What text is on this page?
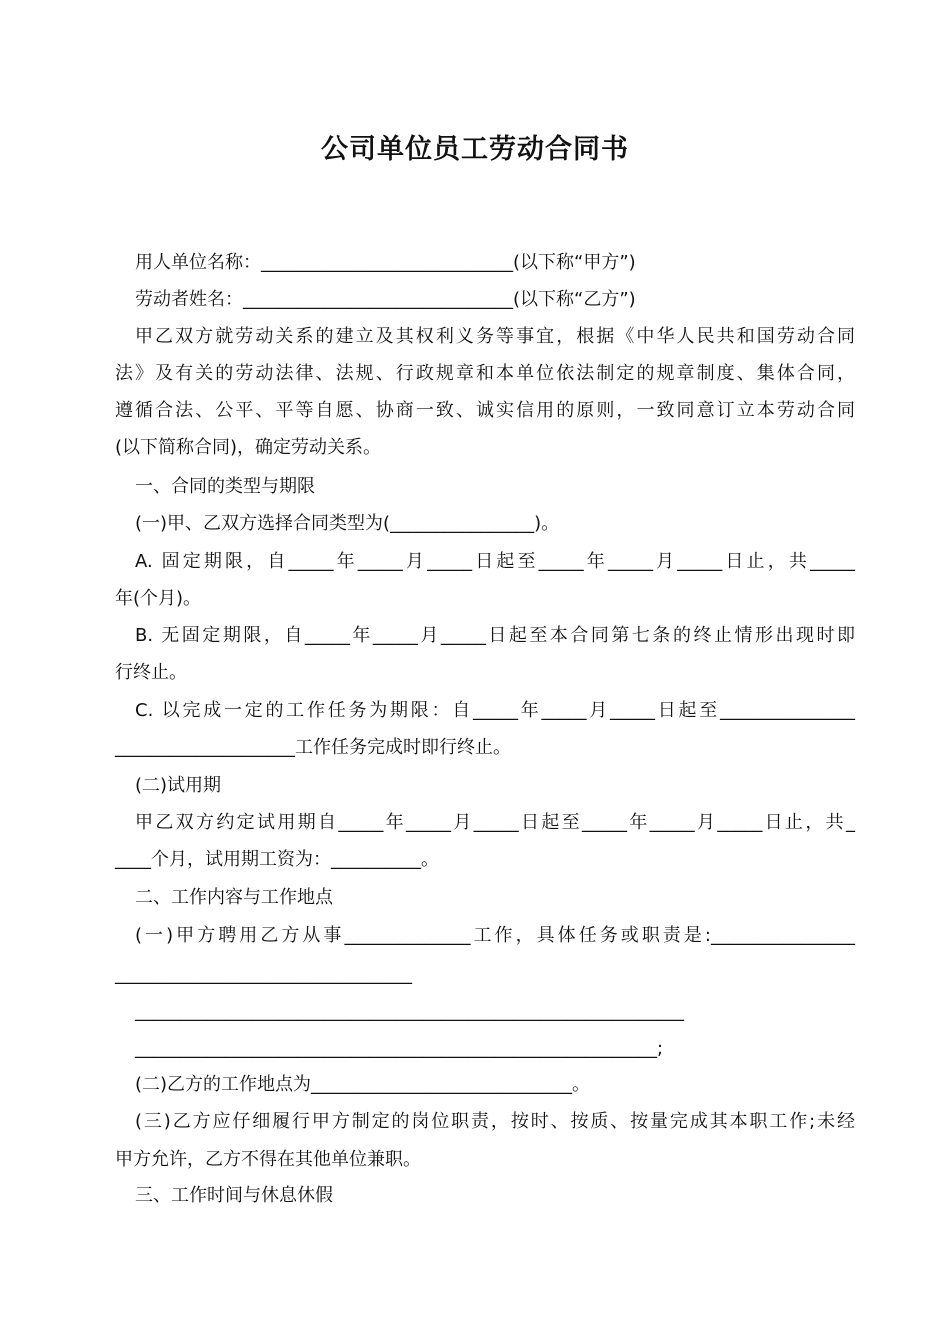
公司单位员工劳动合同书
用人单位名称：____________________________(以下称“甲方”)
劳动者姓名：______________________________(以下称“乙方”)
甲乙双方就劳动关系的建立及其权利义务等事宜，根据《中华人民共和国劳动合同
法》及有关的劳动法律、法规、行政规章和本单位依法制定的规章制度、集体合同，
遵循合法、公平、平等自愿、协商一致、诚实信用的原则，一致同意订立本劳动合同
(以下简称合同)，确定劳动关系。
一、合同的类型与期限
(一)甲、乙双方选择合同类型为(________________)。
A. 固定期限，自_____年_____月_____日起至_____年_____月_____日止，共_____
年(个月)。
B. 无固定期限，自_____年_____月_____日起至本合同第七条的终止情形出现时即
行终止。
C. 以完成一定的工作任务为期限：自_____年_____月_____日起至_______________
____________________工作任务完成时即行终止。
(二)试用期
甲乙双方约定试用期自_____年_____月_____日起至_____年_____月_____日止，共_
____个月，试用期工资为：__________。
二、工作内容与工作地点
(一)甲方聘用乙方从事______________工作，具体任务或职责是:________________
_________________________________
_____________________________________________________________
__________________________________________________________;
(二)乙方的工作地点为_____________________________。
(三)乙方应仔细履行甲方制定的岗位职责，按时、按质、按量完成其本职工作;未经
甲方允许，乙方不得在其他单位兼职。
三、工作时间与休息休假
